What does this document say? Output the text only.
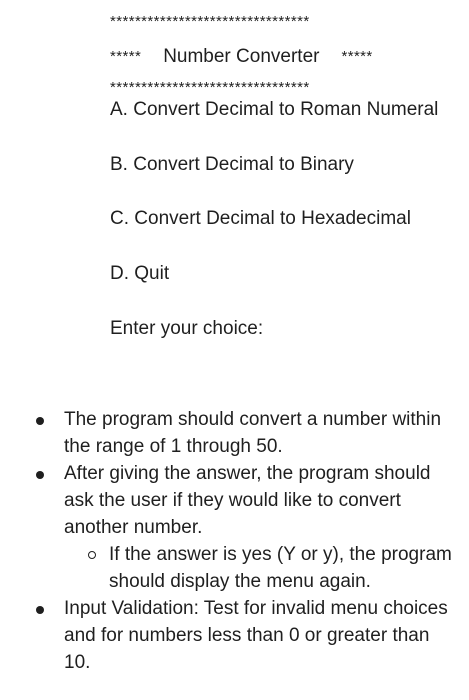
********************************
***** Number Converter *****
********************************
A. Convert Decimal to Roman Numeral
B. Convert Decimal to Binary
C. Convert Decimal to Hexadecimal
D. Quit
Enter your choice:
The program should convert a number within the range of 1 through 50.
After giving the answer, the program should ask the user if they would like to convert another number.
If the answer is yes (Y or y), the program should display the menu again.
Input Validation: Test for invalid menu choices and for numbers less than 0 or greater than 10.
